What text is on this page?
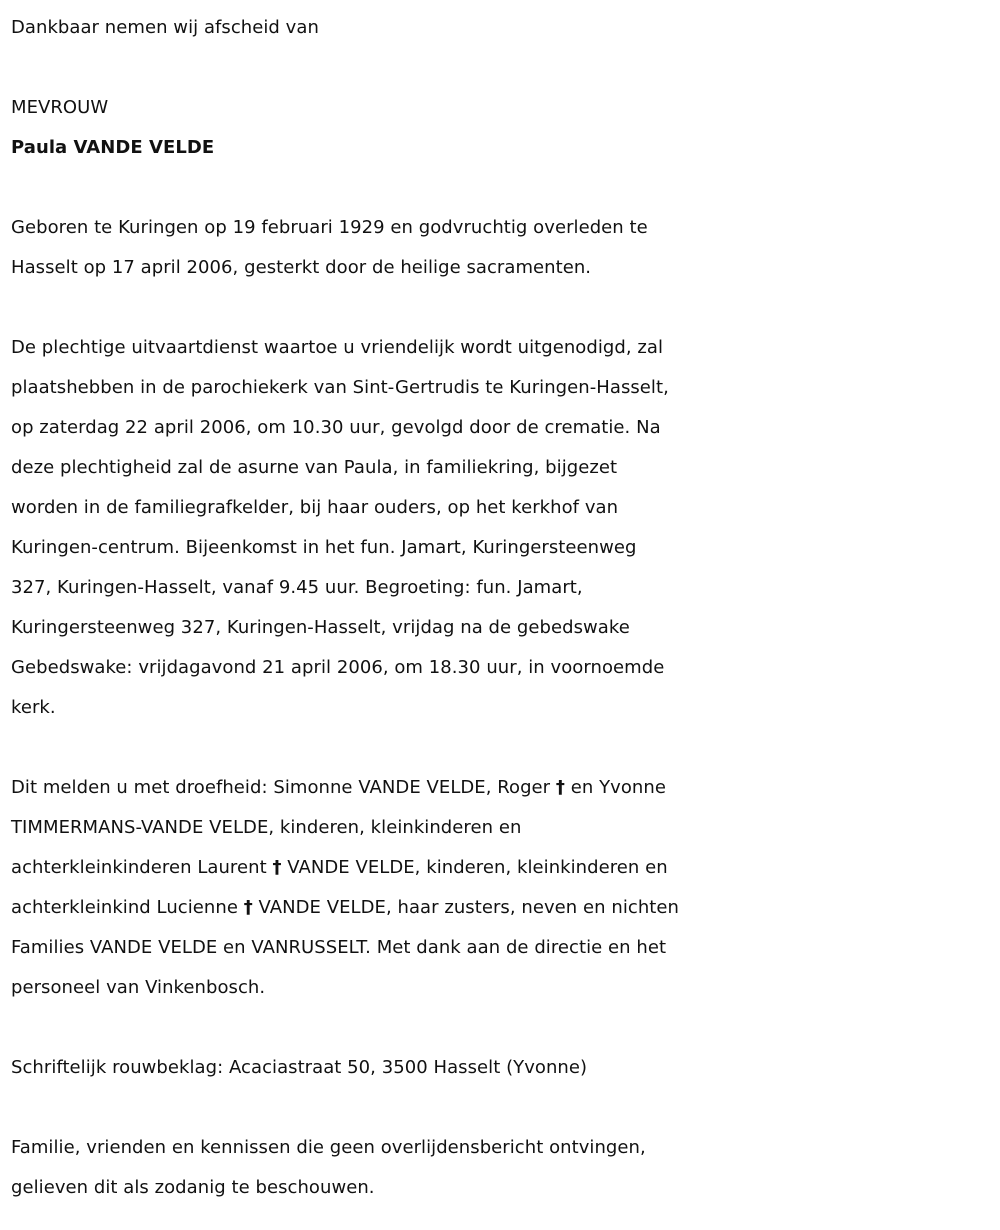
Dankbaar nemen wij afscheid van
MEVROUW
Paula VANDE VELDE
Geboren te Kuringen op 19 februari 1929 en godvruchtig overleden te
Hasselt op 17 april 2006, gesterkt door de heilige sacramenten.
De plechtige uitvaartdienst waartoe u vriendelijk wordt uitgenodigd, zal
plaatshebben in de parochiekerk van Sint-Gertrudis te Kuringen-Hasselt,
op zaterdag 22 april 2006, om 10.30 uur, gevolgd door de crematie. Na
deze plechtigheid zal de asurne van Paula, in familiekring, bijgezet
worden in de familiegrafkelder, bij haar ouders, op het kerkhof van
Kuringen-centrum. Bijeenkomst in het fun. Jamart, Kuringersteenweg
327, Kuringen-Hasselt, vanaf 9.45 uur. Begroeting: fun. Jamart,
Kuringersteenweg 327, Kuringen-Hasselt, vrijdag na de gebedswake
Gebedswake: vrijdagavond 21 april 2006, om 18.30 uur, in voornoemde
kerk.
Dit melden u met droefheid: Simonne VANDE VELDE, Roger † en Yvonne
TIMMERMANS-VANDE VELDE, kinderen, kleinkinderen en
achterkleinkinderen Laurent † VANDE VELDE, kinderen, kleinkinderen en
achterkleinkind Lucienne † VANDE VELDE, haar zusters, neven en nichten
Families VANDE VELDE en VANRUSSELT. Met dank aan de directie en het
personeel van Vinkenbosch.
Schriftelijk rouwbeklag: Acaciastraat 50, 3500 Hasselt (Yvonne)
Familie, vrienden en kennissen die geen overlijdensbericht ontvingen,
gelieven dit als zodanig te beschouwen.
